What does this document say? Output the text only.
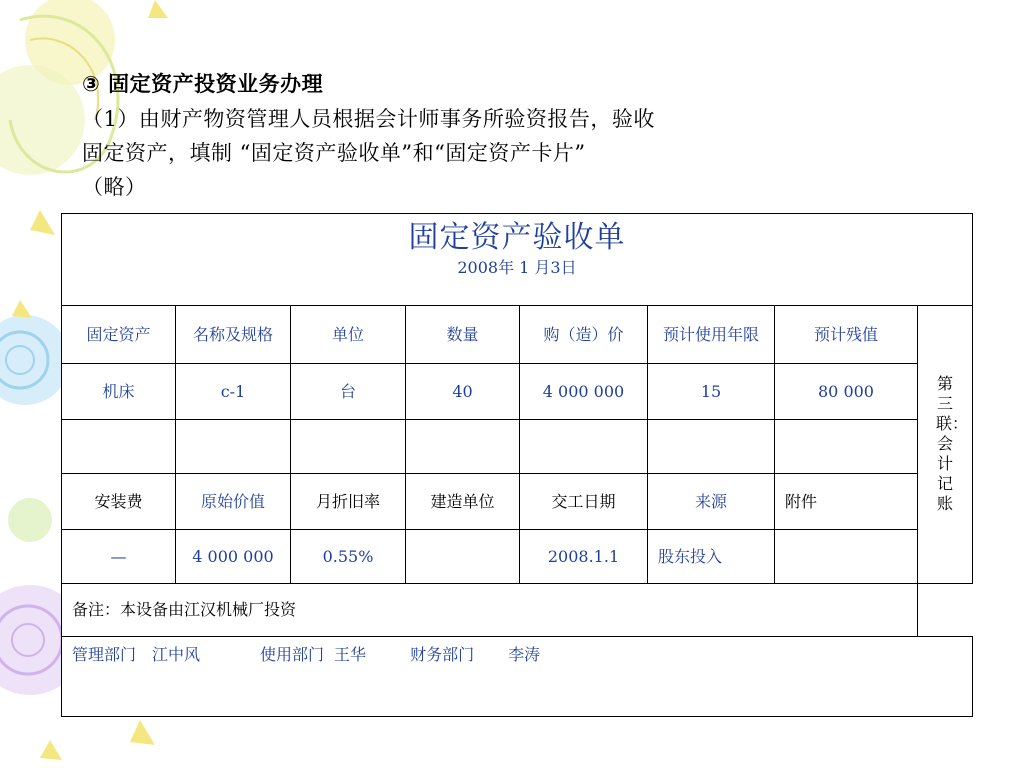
③ 固定资产投资业务办理
（1）由财产物资管理人员根据会计师事务所验资报告，验收
固定资产，填制 “固定资产验收单”和“固定资产卡片”
（略）
固定资产验收单
2008年 1 月3日							

固定资产	名称及规格	单位	数量	购（造）价	预计使用年限	预计残值	第三联：会计记账

机床	c-1	台	40	4 000 000	15	80 000	

安装费	原始价值	月折旧率	建造单位	交工日期	来源	附件	
—	4 000 000	0.55%		2008.1.1	股东投入		
备注：本设备由江汉机械厂投资							
管理部门 江中风 使用部门 王华 财务部门 李涛							
